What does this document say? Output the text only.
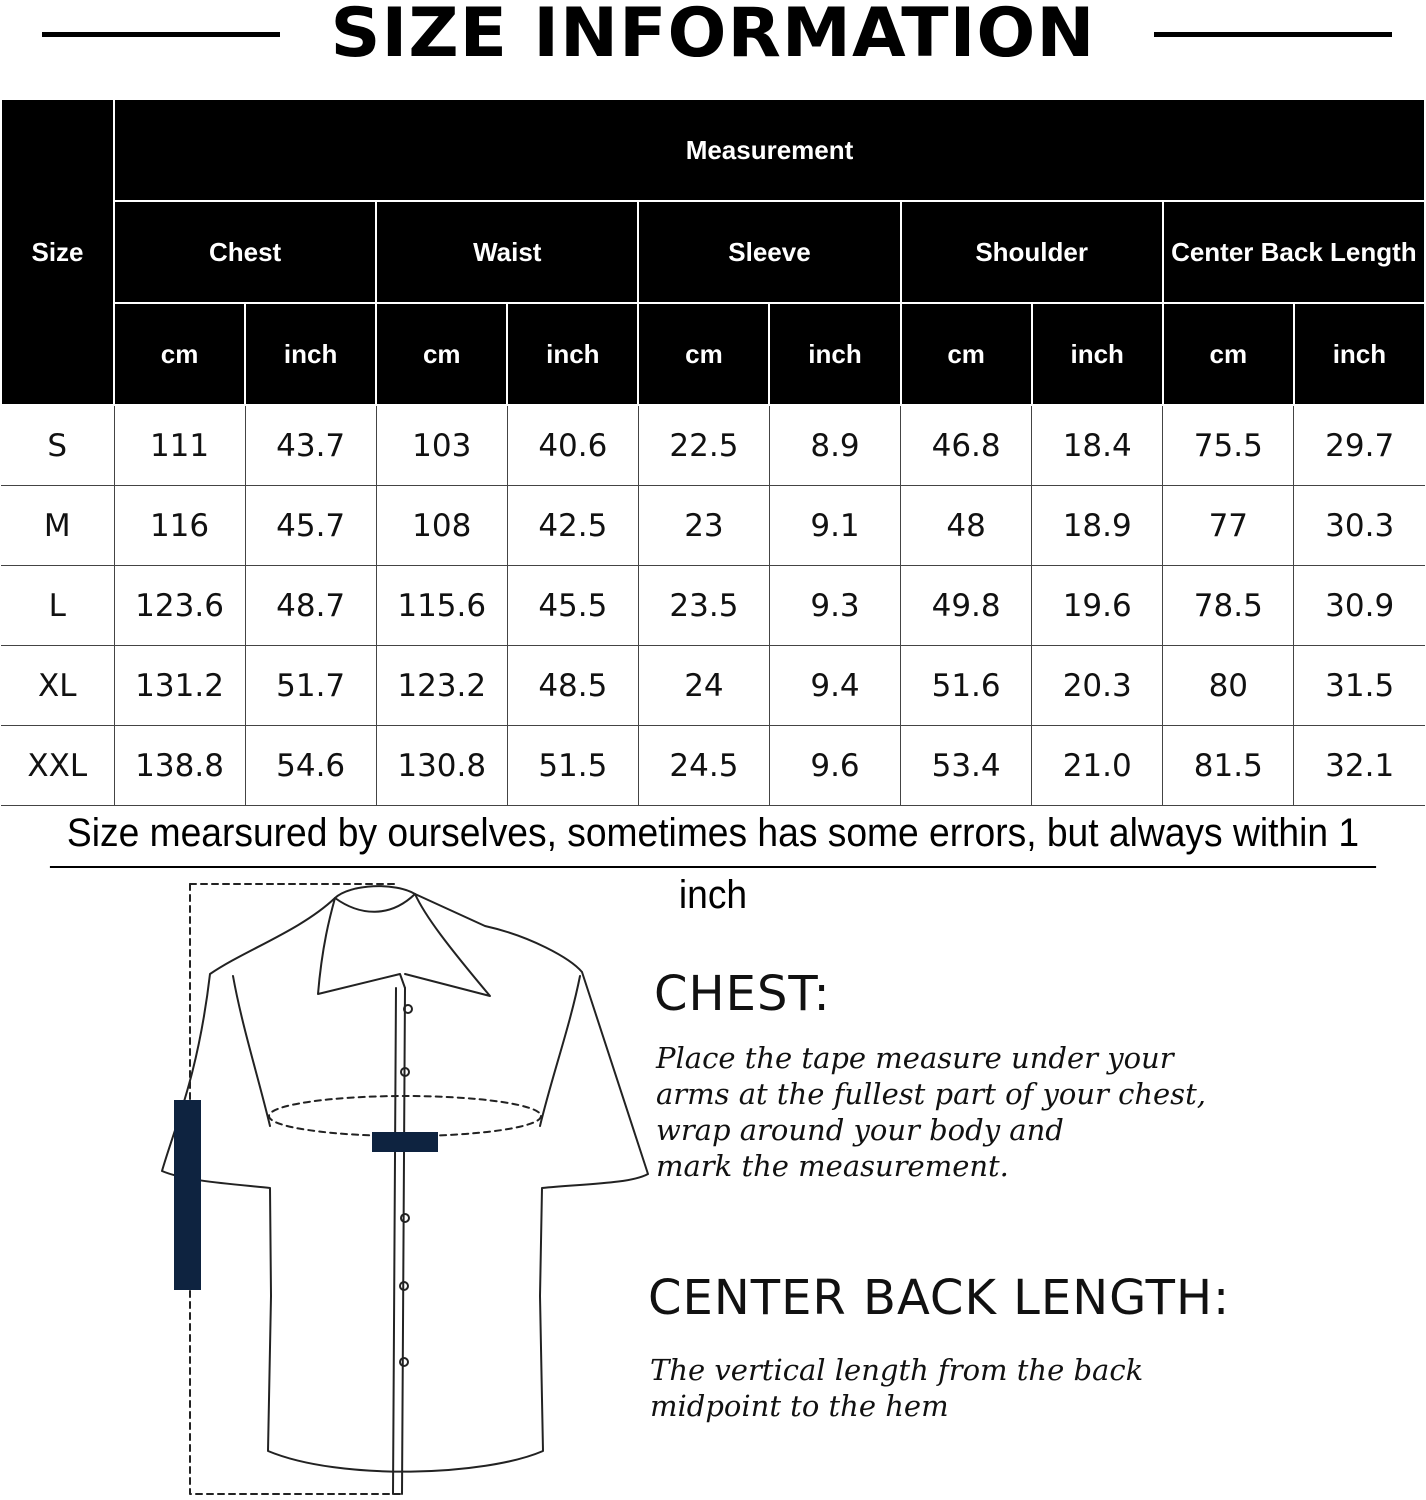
SIZE INFORMATION
Size	Measurement									
	Chest		Waist		Sleeve		Shoulder		Center Back Length	
	cm	inch	cm	inch	cm	inch	cm	inch	cm	inch
S	111	43.7	103	40.6	22.5	8.9	46.8	18.4	75.5	29.7
M	116	45.7	108	42.5	23	9.1	48	18.9	77	30.3
L	123.6	48.7	115.6	45.5	23.5	9.3	49.8	19.6	78.5	30.9
XL	131.2	51.7	123.2	48.5	24	9.4	51.6	20.3	80	31.5
XXL	138.8	54.6	130.8	51.5	24.5	9.6	53.4	21.0	81.5	32.1
Size mearsured by ourselves, sometimes has some errors, but always within 1 inch
CHEST:
Place the tape measure under your
arms at the fullest part of your chest,
wrap around your body and
mark the measurement.
CENTER BACK LENGTH:
The vertical length from the back
midpoint to the hem
